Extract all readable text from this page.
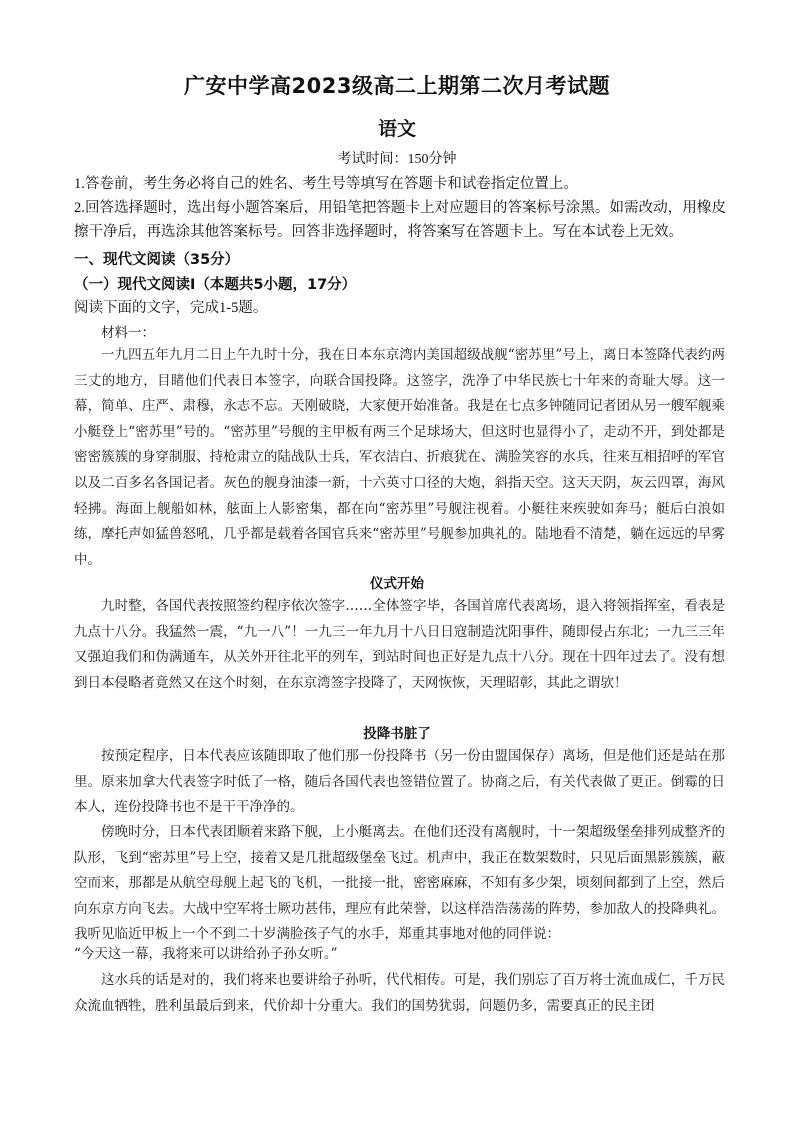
广安中学高2023级高二上期第二次月考试题
语文
考试时间：150分钟
1.答卷前，考生务必将自己的姓名、考生号等填写在答题卡和试卷指定位置上。
2.回答选择题时，选出每小题答案后，用铅笔把答题卡上对应题目的答案标号涂黑。如需改动，用橡皮擦干净后，再选涂其他答案标号。回答非选择题时，将答案写在答题卡上。写在本试卷上无效。
一、现代文阅读（35分）
（一）现代文阅读Ⅰ（本题共5小题，17分）
阅读下面的文字，完成1-5题。
材料一：

一九四五年九月二日上午九时十分，我在日本东京湾内美国超级战舰“密苏里”号上，离日本签降代表约两三丈的地方，目睹他们代表日本签字，向联合国投降。这签字，洗净了中华民族七十年来的奇耻大辱。这一幕，简单、庄严、肃穆，永志不忘。天刚破晓，大家便开始准备。我是在七点多钟随同记者团从另一艘军舰乘小艇登上“密苏里”号的。“密苏里”号舰的主甲板有两三个足球场大，但这时也显得小了，走动不开，到处都是密密簇簇的身穿制服、持枪肃立的陆战队士兵，军衣洁白、折痕犹在、满脸笑容的水兵，往来互相招呼的军官以及二百多名各国记者。灰色的舰身油漆一新，十六英寸口径的大炮，斜指天空。这天天阴，灰云四罩，海风轻拂。海面上舰船如林，舷面上人影密集，都在向“密苏里”号舰注视着。小艇往来疾驶如奔马；艇后白浪如练，摩托声如猛兽怒吼，几乎都是载着各国官兵来“密苏里”号舰参加典礼的。陆地看不清楚，躺在远远的早雾中。

仪式开始

九时整，各国代表按照签约程序依次签字……全体签字毕，各国首席代表离场，退入将领指挥室，看表是九点十八分。我猛然一震，“九一八”！一九三一年九月十八日日寇制造沈阳事件，随即侵占东北；一九三三年又强迫我们和伪满通车，从关外开往北平的列车，到站时间也正好是九点十八分。现在十四年过去了。没有想到日本侵略者竟然又在这个时刻，在东京湾签字投降了，天网恢恢，天理昭彰，其此之谓欤！

投降书脏了

按预定程序，日本代表应该随即取了他们那一份投降书（另一份由盟国保存）离场，但是他们还是站在那里。原来加拿大代表签字时低了一格，随后各国代表也签错位置了。协商之后，有关代表做了更正。倒霉的日本人，连份投降书也不是干干净净的。

傍晚时分，日本代表团顺着来路下舰，上小艇离去。在他们还没有离舰时，十一架超级堡垒排列成整齐的队形，飞到“密苏里”号上空，接着又是几批超级堡垒飞过。机声中，我正在数架数时，只见后面黑影簇簇，蔽空而来，那都是从航空母舰上起飞的飞机，一批接一批，密密麻麻，不知有多少架，顷刻间都到了上空，然后向东京方向飞去。大战中空军将士厥功甚伟，理应有此荣誉，以这样浩浩荡荡的阵势，参加敌人的投降典礼。我听见临近甲板上一个不到二十岁满脸孩子气的水手，郑重其事地对他的同伴说：

“今天这一幕，我将来可以讲给孙子孙女听。”

这水兵的话是对的，我们将来也要讲给子孙听，代代相传。可是，我们别忘了百万将士流血成仁，千万民众流血牺牲，胜利虽最后到来，代价却十分重大。我们的国势犹弱，问题仍多，需要真正的民主团
